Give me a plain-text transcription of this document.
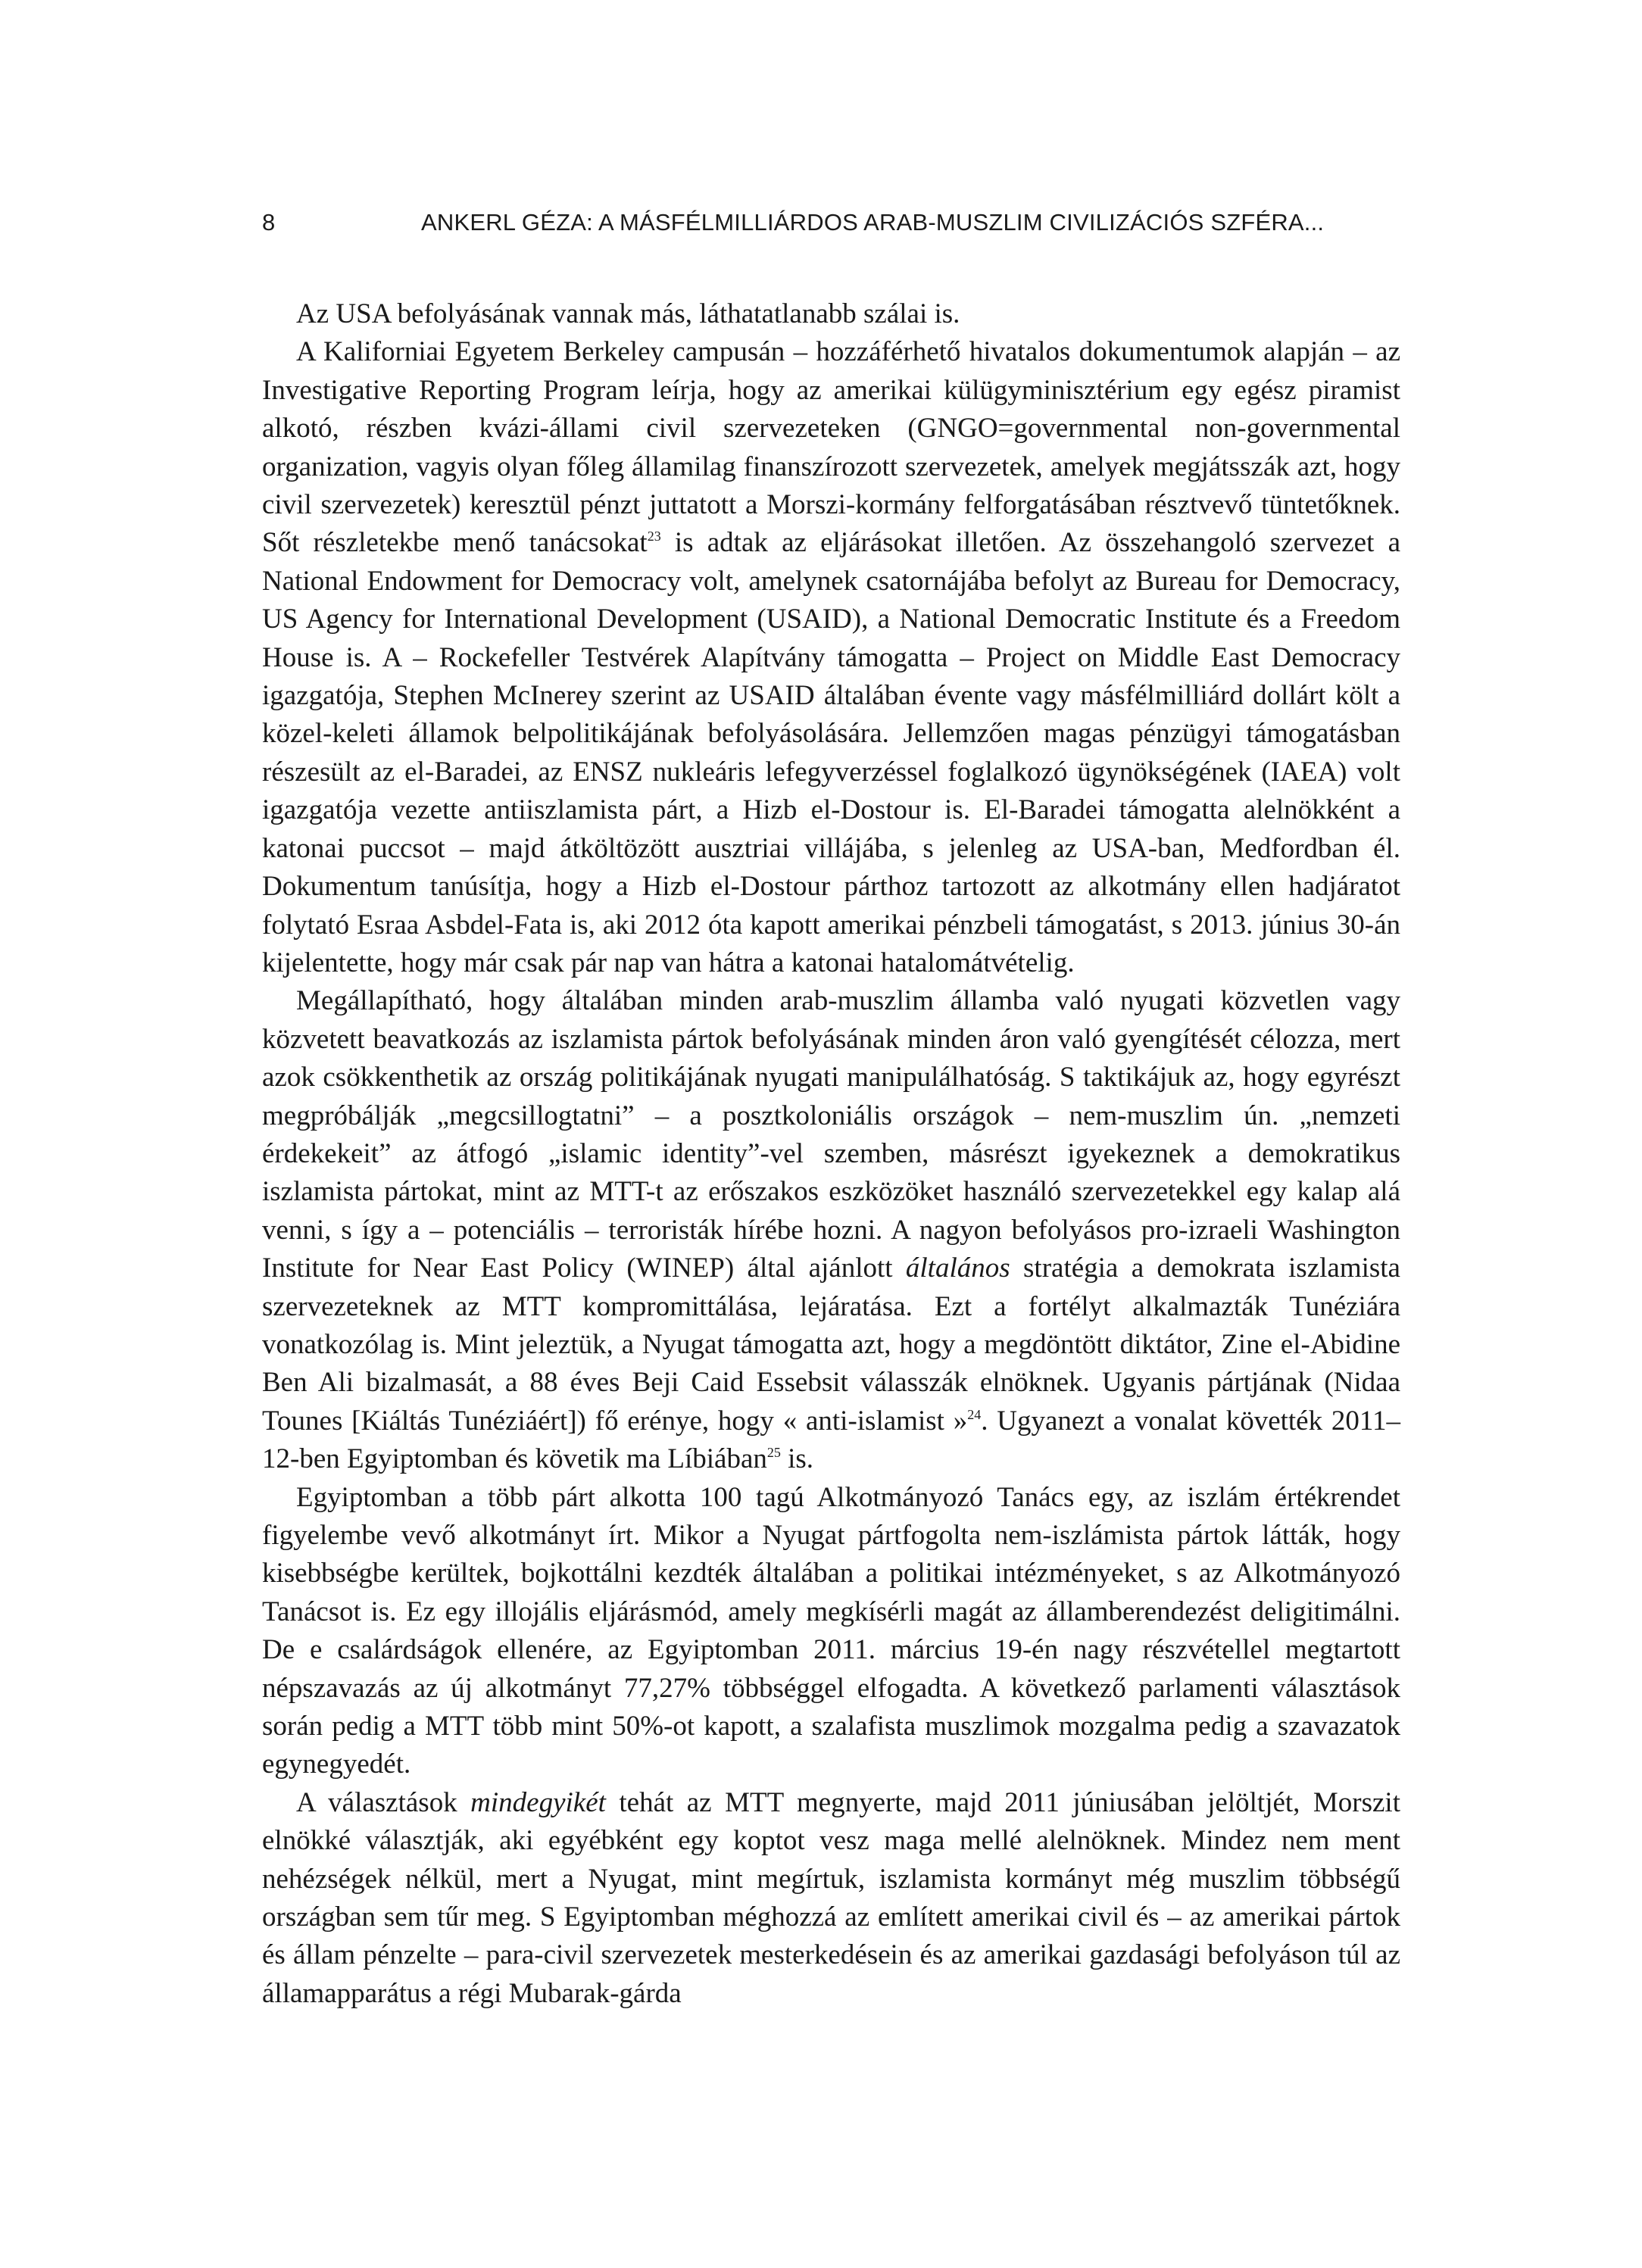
8	ANKERL GÉZA: A MÁSFÉLMILLIÁRDOS ARAB-MUSZLIM CIVILIZÁCIÓS SZFÉRA...

Az USA befolyásának vannak más, láthatatlanabb szálai is.

A Kaliforniai Egyetem Berkeley campusán – hozzáférhető hivatalos dokumentumok alapján – az Investigative Reporting Program leírja, hogy az amerikai külügyminisztérium egy egész piramist alkotó, részben kvázi-állami civil szervezeteken (GNGO=governmental non-governmental organization, vagyis olyan főleg államilag finanszírozott szervezetek, amelyek megjátsszák azt, hogy civil szervezetek) keresztül pénzt juttatott a Morszi-kormány felforgatásában résztvevő tüntetőknek. Sőt részletekbe menő tanácsokat$^{23}$ is adtak az eljárásokat illetően. Az összehangoló szervezet a National Endowment for Democracy volt, amelynek csatornájába befolyt az Bureau for Democracy, US Agency for International Development (USAID), a National Democratic Institute és a Freedom House is. A – Rockefeller Testvérek Alapítvány támogatta – Project on Middle East Democracy igazgatója, Stephen McInerey szerint az USAID általában évente vagy másfélmilliárd dollárt költ a közel-keleti államok belpolitikájának befolyásolására. Jellemzően magas pénzügyi támogatásban részesült az el-Baradei, az ENSZ nukleáris lefegyverzéssel foglalkozó ügynökségének (IAEA) volt igazgatója vezette antiiszlamista párt, a Hizb el-Dostour is. El-Baradei támogatta alelnökként a katonai puccsot – majd átköltözött ausztriai villájába, s jelenleg az USA-ban, Medfordban él. Dokumentum tanúsítja, hogy a Hizb el-Dostour párthoz tartozott az alkotmány ellen hadjáratot folytató Esraa Asbdel-Fata is, aki 2012 óta kapott amerikai pénzbeli támogatást, s 2013. június 30-án kijelentette, hogy már csak pár nap van hátra a katonai hatalomátvételig.

Megállapítható, hogy általában minden arab-muszlim államba való nyugati közvetlen vagy közvetett beavatkozás az iszlamista pártok befolyásának minden áron való gyengítését célozza, mert azok csökkenthetik az ország politikájának nyugati manipulálhatóság. S taktikájuk az, hogy egyrészt megpróbálják „megcsillogtatni” – a posztkoloniális országok – nem-muszlim ún. „nemzeti érdekekeit” az átfogó „islamic identity”-vel szemben, másrészt igyekeznek a demokratikus iszlamista pártokat, mint az MTT-t az erőszakos eszközöket használó szervezetekkel egy kalap alá venni, s így a – potenciális – terroristák hírébe hozni. A nagyon befolyásos pro-izraeli Washington Institute for Near East Policy (WINEP) által ajánlott általános stratégia a demokrata iszlamista szervezeteknek az MTT kompromittálása, lejáratása. Ezt a fortélyt alkalmazták Tunéziára vonatkozólag is. Mint jeleztük, a Nyugat támogatta azt, hogy a megdöntött diktátor, Zine el-Abidine Ben Ali bizalmasát, a 88 éves Beji Caid Essebsit válasszák elnöknek. Ugyanis pártjának (Nidaa Tounes [Kiáltás Tunéziáért]) fő erénye, hogy « anti-islamist »$^{24}$. Ugyanezt a vonalat követték 2011–12-ben Egyiptomban és követik ma Líbiában$^{25}$ is.

Egyiptomban a több párt alkotta 100 tagú Alkotmányozó Tanács egy, az iszlám értékrendet figyelembe vevő alkotmányt írt. Mikor a Nyugat pártfogolta nem-iszlámista pártok látták, hogy kisebbségbe kerültek, bojkottálni kezdték általában a politikai intézményeket, s az Alkotmányozó Tanácsot is. Ez egy illojális eljárásmód, amely megkísérli magát az államberendezést deligitimálni. De e csalárdságok ellenére, az Egyiptomban 2011. március 19-én nagy részvétellel megtartott népszavazás az új alkotmányt 77,27% többséggel elfogadta. A következő parlamenti választások során pedig a MTT több mint 50%-ot kapott, a szalafista muszlimok mozgalma pedig a szavazatok egynegyedét.

A választások mindegyikét tehát az MTT megnyerte, majd 2011 júniusában jelöltjét, Morszit elnökké választják, aki egyébként egy koptot vesz maga mellé alelnöknek. Mindez nem ment nehézségek nélkül, mert a Nyugat, mint megírtuk, iszlamista kormányt még muszlim többségű országban sem tűr meg. S Egyiptomban méghozzá az említett amerikai civil és – az amerikai pártok és állam pénzelte – para-civil szervezetek mesterkedésein és az amerikai gazdasági befolyáson túl az államapparátus a régi Mubarak-gárda
